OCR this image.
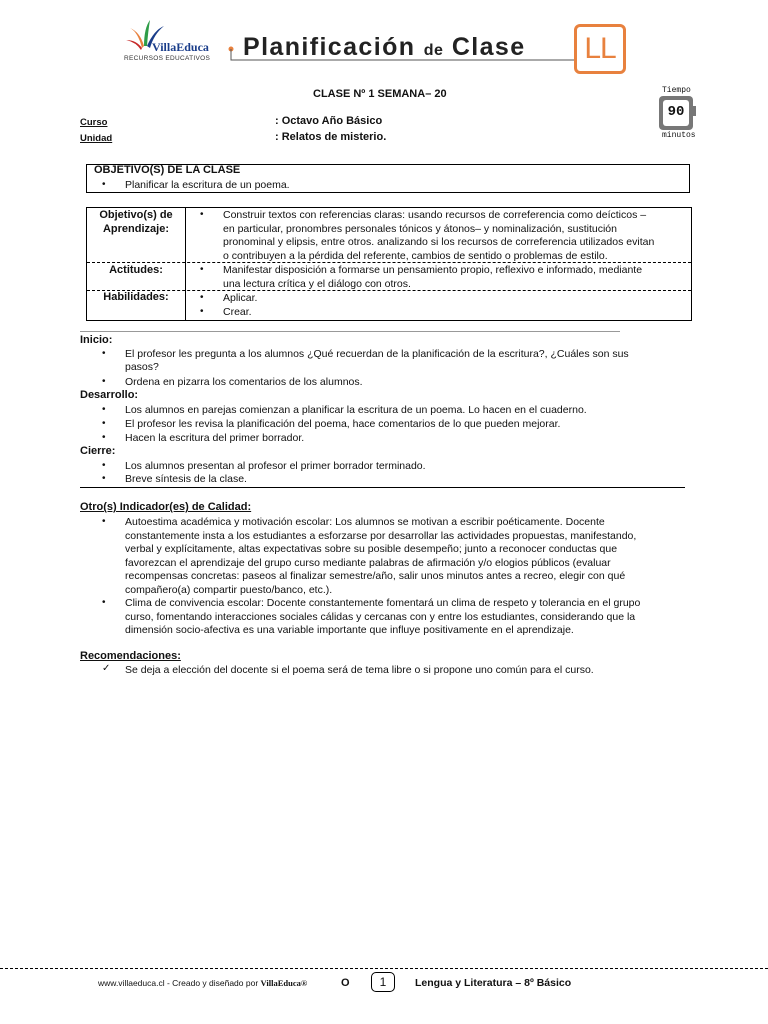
VillaEduca
RECURSOS EDUCATIVOS Planificación de Clase	LL
Tiempo
90
minutos
CLASE Nº 1 SEMANA– 20
Curso	: Octavo Año Básico
Unidad	: Relatos de misterio.
OBJETIVO(S) DE LA CLASE
• Planificar la escritura de un poema.
Objetivo(s) de
Aprendizaje:
• Construir textos con referencias claras: usando recursos de correferencia como deícticos –
en particular, pronombres personales tónicos y átonos– y nominalización, sustitución
pronominal y elipsis, entre otros. analizando si los recursos de correferencia utilizados evitan
o contribuyen a la pérdida del referente, cambios de sentido o problemas de estilo.
Actitudes:	• Manifestar disposición a formarse un pensamiento propio, reflexivo e informado, mediante
una lectura crítica y el diálogo con otros.
Habilidades:	• Aplicar.
• Crear.
Inicio:
• El profesor les pregunta a los alumnos ¿Qué recuerdan de la planificación de la escritura?, ¿Cuáles son sus
pasos?
• Ordena en pizarra los comentarios de los alumnos.
Desarrollo:
• Los alumnos en parejas comienzan a planificar la escritura de un poema. Lo hacen en el cuaderno.
• El profesor les revisa la planificación del poema, hace comentarios de lo que pueden mejorar.
• Hacen la escritura del primer borrador.
Cierre:
• Los alumnos presentan al profesor el primer borrador terminado.
• Breve síntesis de la clase.
Otro(s) Indicador(es) de Calidad:
• Autoestima académica y motivación escolar: Los alumnos se motivan a escribir poéticamente. Docente
constantemente insta a los estudiantes a esforzarse por desarrollar las actividades propuestas, manifestando,
verbal y explícitamente, altas expectativas sobre su posible desempeño; junto a reconocer conductas que
favorezcan el aprendizaje del grupo curso mediante palabras de afirmación y/o elogios públicos (evaluar
recompensas concretas: paseos al finalizar semestre/año, salir unos minutos antes a recreo, elegir con qué
compañero(a) compartir puesto/banco, etc.).
• Clima de convivencia escolar: Docente constantemente fomentará un clima de respeto y tolerancia en el grupo
curso, fomentando interacciones sociales cálidas y cercanas con y entre los estudiantes, considerando que la
dimensión socio-afectiva es una variable importante que influye positivamente en el aprendizaje.
Recomendaciones:
✓ Se deja a elección del docente si el poema será de tema libre o si propone uno común para el curso.
www.villaeduca.cl - Creado y diseñado por VillaEduca®	O	1	Lengua y Literatura – 8º Básico
